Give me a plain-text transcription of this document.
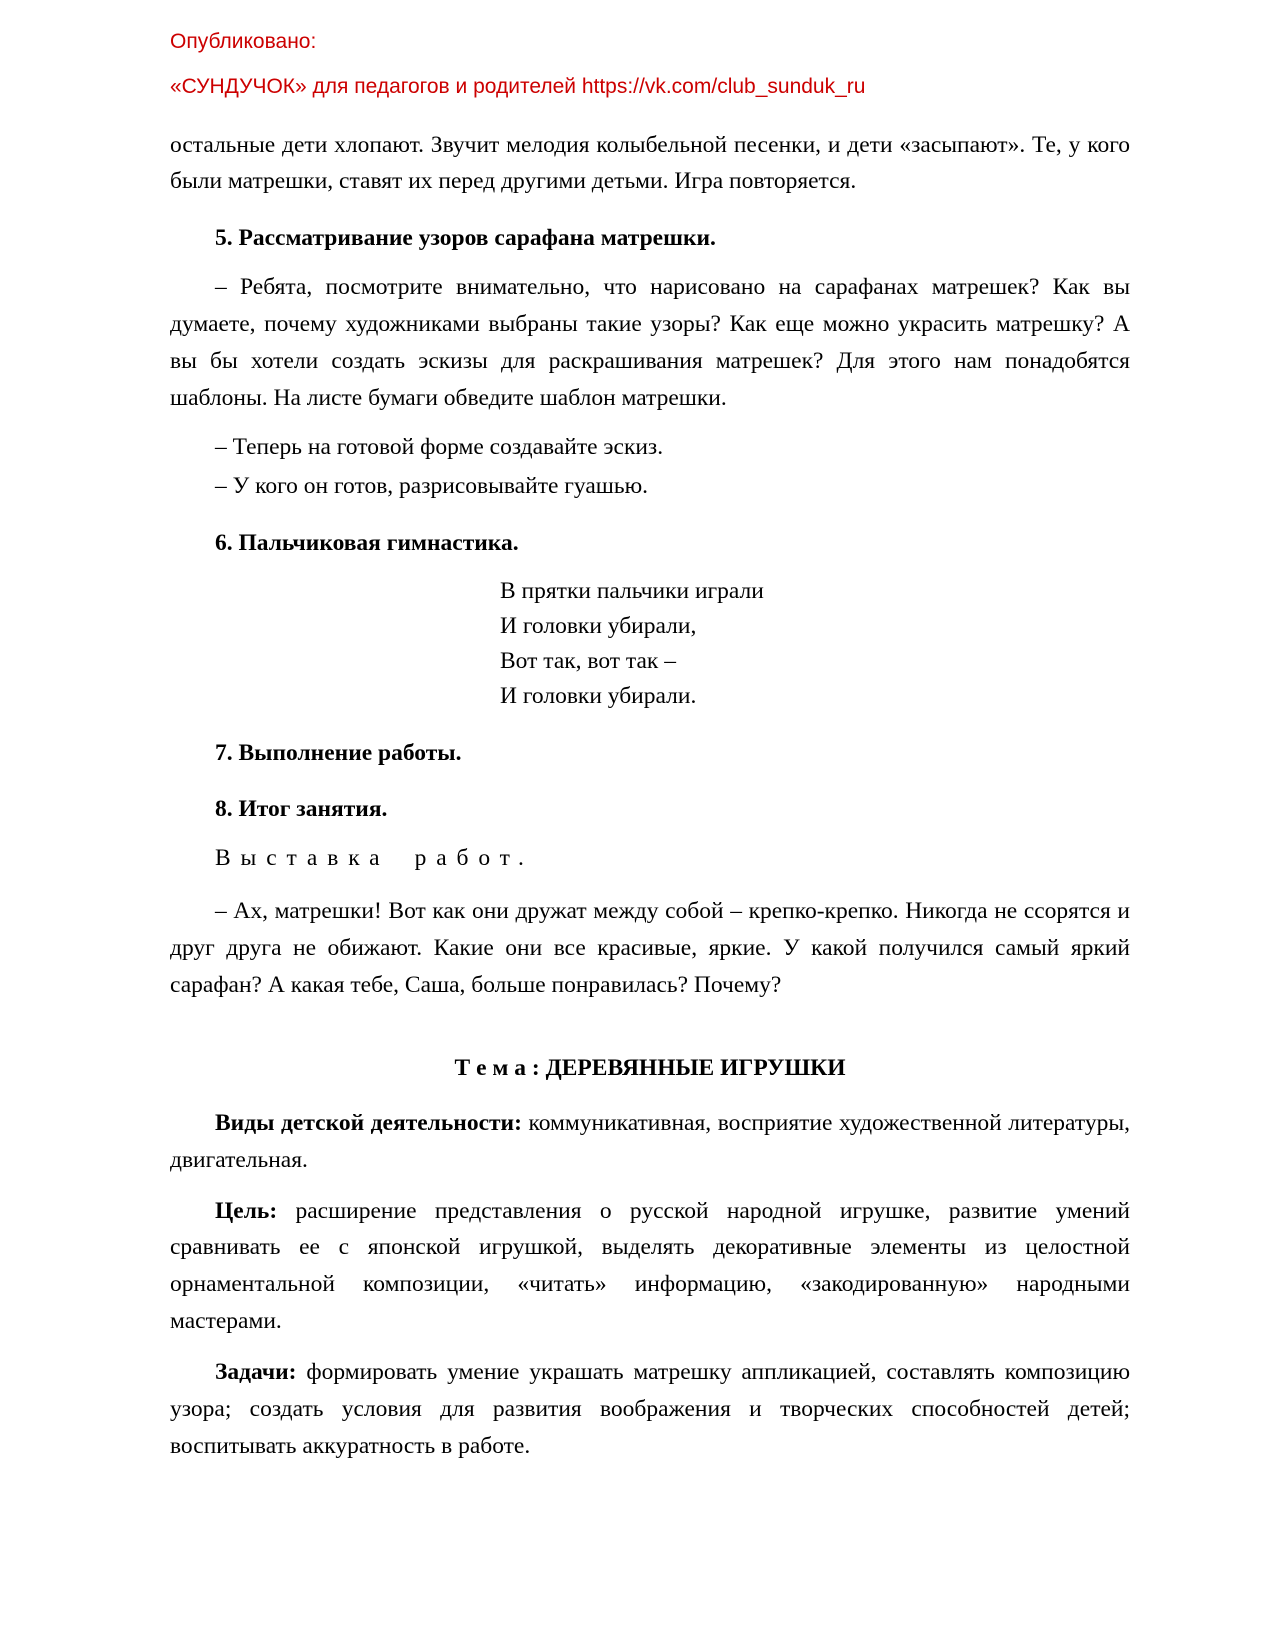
Опубликовано:
«СУНДУЧОК» для педагогов и родителей https://vk.com/club_sunduk_ru

остальные дети хлопают. Звучит мелодия колыбельной песенки, и дети «засыпают». Те, у кого были матрешки, ставят их перед другими детьми. Игра повторяется.

5. Рассматривание узоров сарафана матрешки.

– Ребята, посмотрите внимательно, что нарисовано на сарафанах матрешек? Как вы думаете, почему художниками выбраны такие узоры? Как еще можно украсить матрешку? А вы бы хотели создать эскизы для раскрашивания матрешек? Для этого нам понадобятся шаблоны. На листе бумаги обведите шаблон матрешки.

– Теперь на готовой форме создавайте эскиз.

– У кого он готов, разрисовывайте гуашью.

6. Пальчиковая гимнастика.

В прятки пальчики играли
И головки убирали,
Вот так, вот так –
И головки убирали.

7. Выполнение работы.

8. Итог занятия.

Выставка работ.

– Ах, матрешки! Вот как они дружат между собой – крепко-крепко. Никогда не ссорятся и друг друга не обижают. Какие они все красивые, яркие. У какой получился самый яркий сарафан? А какая тебе, Саша, больше понравилась? Почему?

Т е м а : ДЕРЕВЯННЫЕ ИГРУШКИ

Виды детской деятельности: коммуникативная, восприятие художественной литературы, двигательная.

Цель: расширение представления о русской народной игрушке, развитие умений сравнивать ее с японской игрушкой, выделять декоративные элементы из целостной орнаментальной композиции, «читать» информацию, «закодированную» народными мастерами.

Задачи: формировать умение украшать матрешку аппликацией, составлять композицию узора; создать условия для развития воображения и творческих способностей детей; воспитывать аккуратность в работе.
